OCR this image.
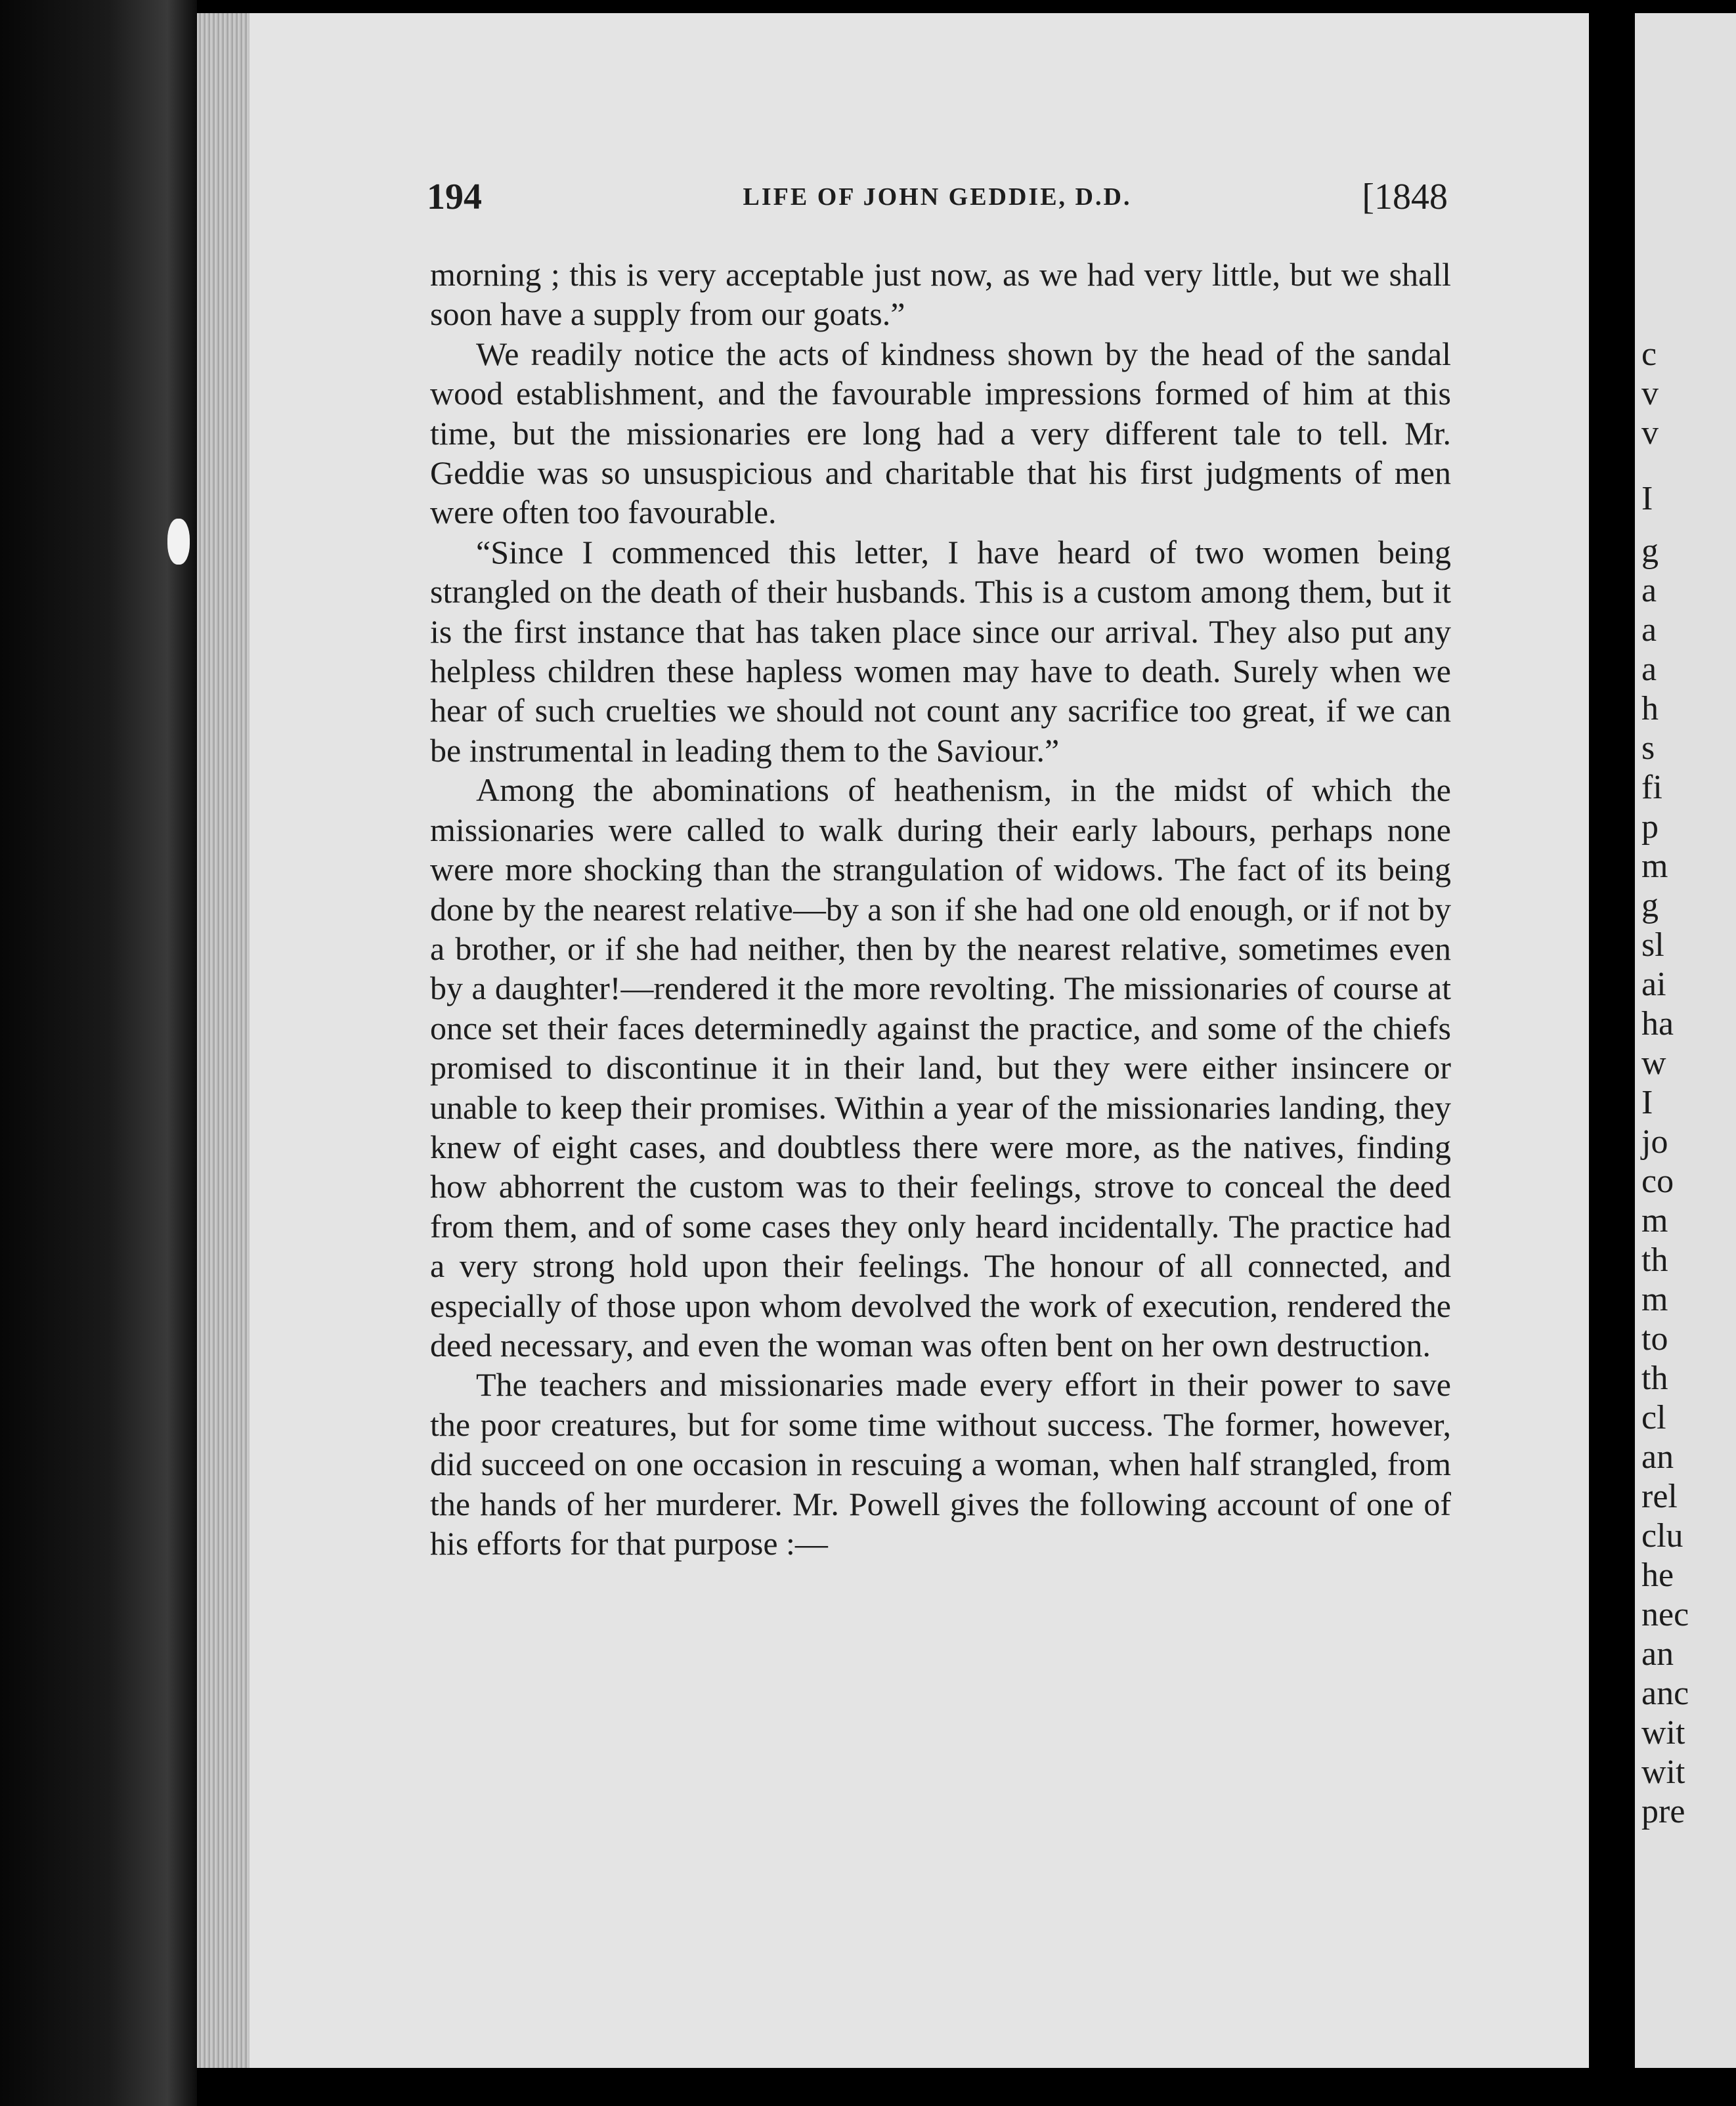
194	LIFE OF JOHN GEDDIE, D.D.	[1848

morning ; this is very acceptable just now, as we had very little, but we shall soon have a supply from our goats.”

We readily notice the acts of kindness shown by the head of the sandal wood establishment, and the favourable impressions formed of him at this time, but the missionaries ere long had a very different tale to tell. Mr. Geddie was so unsuspicious and charitable that his first judgments of men were often too favourable.

“Since I commenced this letter, I have heard of two women being strangled on the death of their husbands. This is a custom among them, but it is the first instance that has taken place since our arrival. They also put any helpless children these hapless women may have to death. Surely when we hear of such cruelties we should not count any sacrifice too great, if we can be instrumental in leading them to the Saviour.”

Among the abominations of heathenism, in the midst of which the missionaries were called to walk during their early labours, perhaps none were more shocking than the strangulation of widows. The fact of its being done by the nearest relative—by a son if she had one old enough, or if not by a brother, or if she had neither, then by the nearest relative, sometimes even by a daughter!—rendered it the more revolting. The missionaries of course at once set their faces determinedly against the practice, and some of the chiefs promised to discontinue it in their land, but they were either insincere or unable to keep their promises. Within a year of the missionaries landing, they knew of eight cases, and doubtless there were more, as the natives, finding how abhorrent the custom was to their feelings, strove to conceal the deed from them, and of some cases they only heard incidentally. The practice had a very strong hold upon their feelings. The honour of all connected, and especially of those upon whom devolved the work of execution, rendered the deed necessary, and even the woman was often bent on her own destruction.

The teachers and missionaries made every effort in their power to save the poor creatures, but for some time without success. The former, however, did succeed on one occasion in rescuing a woman, when half strangled, from the hands of her murderer. Mr. Powell gives the following account of one of his efforts for that purpose :—

c
v
v
I
g
a
a
a
h
s
fi
p
m
g
sl
ai
ha
w
I
jo
co
m
th
m
to
th
cl
an
rel
clu
he
nec
an
anc
wit
wit
pre
